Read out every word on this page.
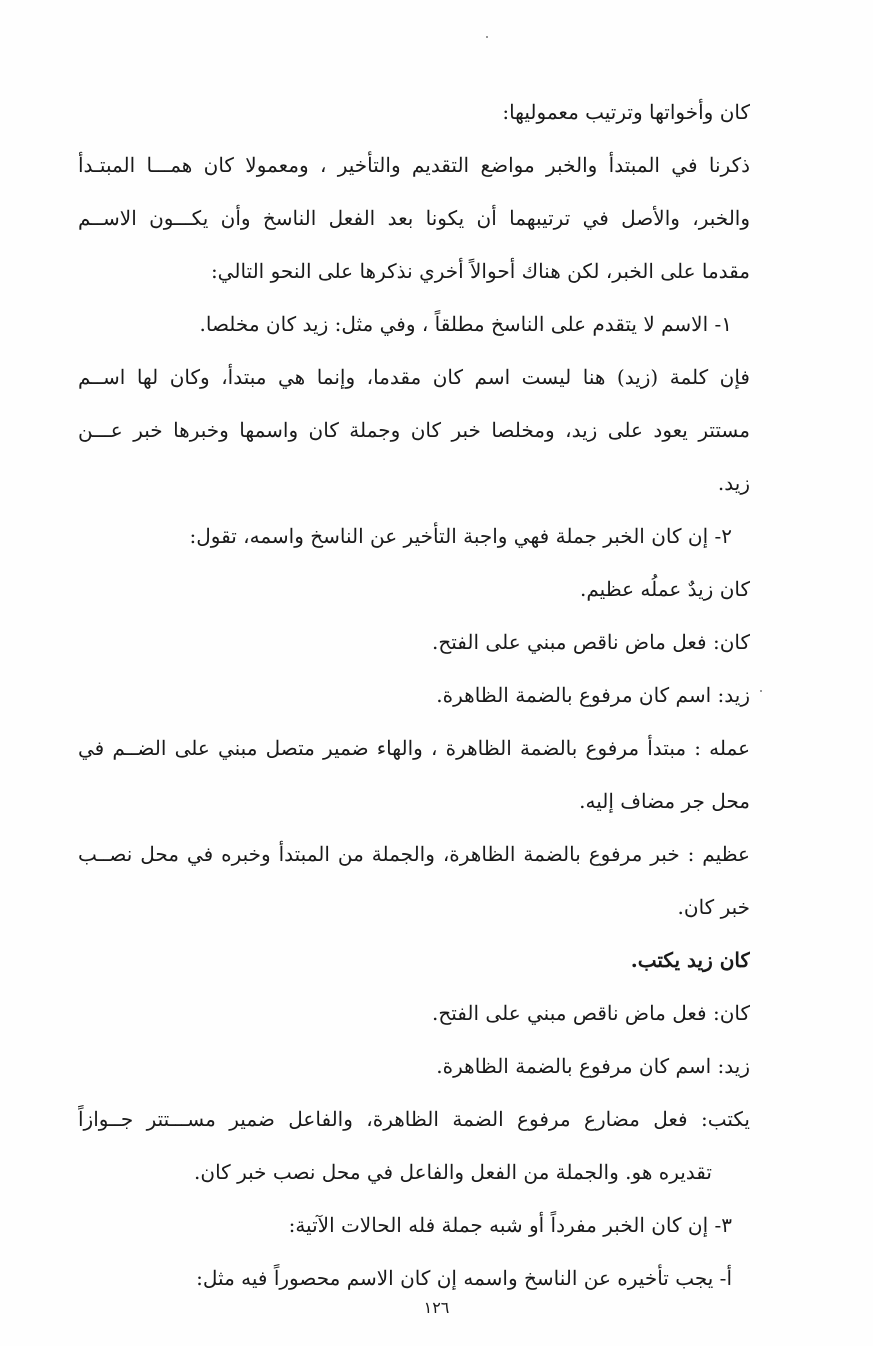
كان وأخواتها وترتيب معموليها:
ذكرنا في المبتدأ والخبر مواضع التقديم والتأخير ، ومعمولا كان همـــا المبتـدأ
والخبر، والأصل في ترتيبهما أن يكونا بعد الفعل الناسخ وأن يكـــون الاســم
مقدما على الخبر، لكن هناك أحوالاً أخري نذكرها على النحو التالي:
١- الاسم لا يتقدم على الناسخ مطلقاً ، وفي مثل: زيد كان مخلصا.
فإن كلمة (زيد) هنا ليست اسم كان مقدما، وإنما هي مبتدأ، وكان لها اســم
مستتر يعود على زيد، ومخلصا خبر كان وجملة كان واسمها وخبرها خبر عـــن
زيد.
٢- إن كان الخبر جملة فهي واجبة التأخير عن الناسخ واسمه، تقول:
كان زيدٌ عملُه عظيم.
كان: فعل ماض ناقص مبني على الفتح.
زيد: اسم كان مرفوع بالضمة الظاهرة.
عمله : مبتدأ مرفوع بالضمة الظاهرة ، والهاء ضمير متصل مبني على الضــم في
محل جر مضاف إليه.
عظيم : خبر مرفوع بالضمة الظاهرة، والجملة من المبتدأ وخبره في محل نصــب
خبر كان.
كان زيد يكتب.
كان: فعل ماض ناقص مبني على الفتح.
زيد: اسم كان مرفوع بالضمة الظاهرة.
يكتب: فعل مضارع مرفوع الضمة الظاهرة، والفاعل ضمير مســـتتر جــوازاً
تقديره هو. والجملة من الفعل والفاعل في محل نصب خبر كان.
٣- إن كان الخبر مفرداً أو شبه جملة فله الحالات الآتية:
أ- يجب تأخيره عن الناسخ واسمه إن كان الاسم محصوراً فيه مثل:
١٢٦
